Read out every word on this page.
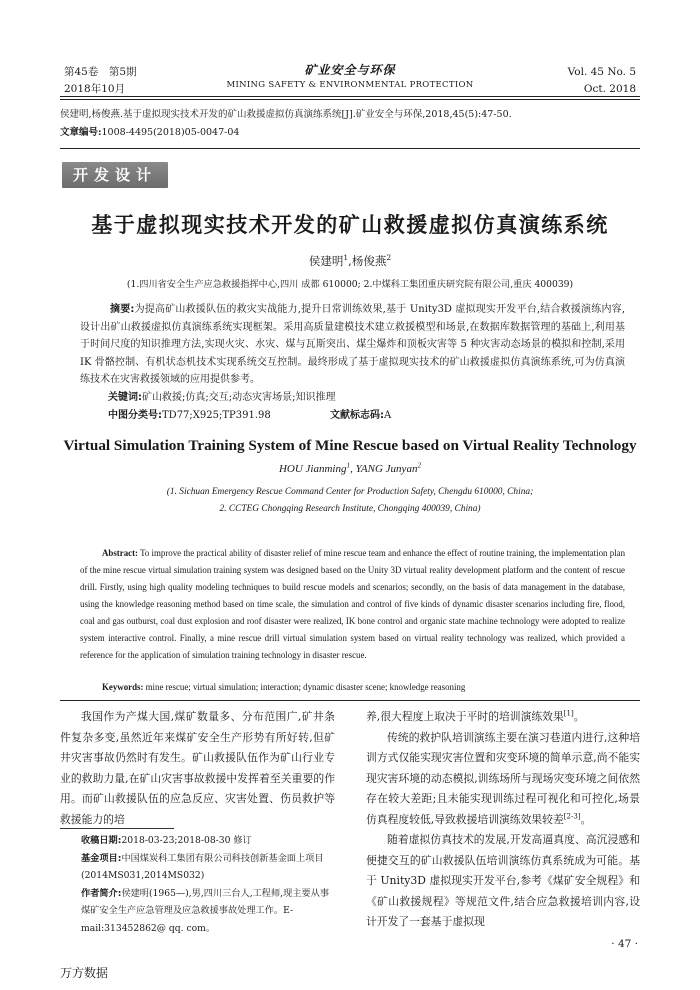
第45卷　第5期
2018年10月
矿业安全与环保
MINING SAFETY & ENVIRONMENTAL PROTECTION
Vol. 45 No. 5
Oct. 2018
侯建明,杨俊燕.基于虚拟现实技术开发的矿山救援虚拟仿真演练系统[J].矿业安全与环保,2018,45(5):47-50.
文章编号:1008-4495(2018)05-0047-04
开发设计
基于虚拟现实技术开发的矿山救援虚拟仿真演练系统
侯建明$^1$,杨俊燕$^2$
(1.四川省安全生产应急救援指挥中心,四川 成都 610000; 2.中煤科工集团重庆研究院有限公司,重庆 400039)
摘要:为提高矿山救援队伍的救灾实战能力,提升日常训练效果,基于 Unity3D 虚拟现实开发平台,结合救援演练内容,设计出矿山救援虚拟仿真演练系统实现框架。采用高质量建模技术建立救援模型和场景,在数据库数据管理的基础上,利用基于时间尺度的知识推理方法,实现火灾、水灾、煤与瓦斯突出、煤尘爆炸和顶板灾害等 5 种灾害动态场景的模拟和控制,采用 IK 骨骼控制、有机状态机技术实现系统交互控制。最终形成了基于虚拟现实技术的矿山救援虚拟仿真演练系统,可为仿真演练技术在灾害救援领域的应用提供参考。
关键词:矿山救援;仿真;交互;动态灾害场景;知识推理
中图分类号:TD77;X925;TP391.98	文献标志码:A
Virtual Simulation Training System of Mine Rescue based on Virtual Reality Technology
HOU Jianming$^1$, YANG Junyan$^2$
(1. Sichuan Emergency Rescue Command Center for Production Safety, Chengdu 610000, China;
2. CCTEG Chongqing Research Institute, Chongqing 400039, China)
Abstract: To improve the practical ability of disaster relief of mine rescue team and enhance the effect of routine training, the implementation plan of the mine rescue virtual simulation training system was designed based on the Unity 3D virtual reality development platform and the content of rescue drill. Firstly, using high quality modeling techniques to build rescue models and scenarios; secondly, on the basis of data management in the database, using the knowledge reasoning method based on time scale, the simulation and control of five kinds of dynamic disaster scenarios including fire, flood, coal and gas outburst, coal dust explosion and roof disaster were realized, IK bone control and organic state machine technology were adopted to realize system interactive control. Finally, a mine rescue drill virtual simulation system based on virtual reality technology was realized, which provided a reference for the application of simulation training technology in disaster rescue.
Keywords: mine rescue; virtual simulation; interaction; dynamic disaster scene; knowledge reasoning
我国作为产煤大国,煤矿数量多、分布范围广,矿井条件复杂多变,虽然近年来煤矿安全生产形势有所好转,但矿井灾害事故仍然时有发生。矿山救援队伍作为矿山行业专业的救助力量,在矿山灾害事故救援中发挥着至关重要的作用。而矿山救援队伍的应急反应、灾害处置、伤员救护等救援能力的培

养,很大程度上取决于平时的培训演练效果[1]。

传统的救护队培训演练主要在演习巷道内进行,这种培训方式仅能实现灾害位置和灾变环境的简单示意,尚不能实现灾害环境的动态模拟,训练场所与现场灾变环境之间依然存在较大差距;且未能实现训练过程可视化和可控化,场景仿真程度较低,导致救援培训演练效果较差[2-3]。

随着虚拟仿真技术的发展,开发高逼真度、高沉浸感和便捷交互的矿山救援队伍培训演练仿真系统成为可能。基于 Unity3D 虚拟现实开发平台,参考《煤矿安全规程》和《矿山救援规程》等规范文件,结合应急救援培训内容,设计开发了一套基于虚拟现

收稿日期:2018-03-23;2018-08-30 修订

基金项目:中国煤炭科工集团有限公司科技创新基金面上项目(2014MS031,2014MS032)

作者简介:侯建明(1965—),男,四川三台人,工程师,现主要从事煤矿安全生产应急管理及应急救援事故处理工作。E-mail:313452862@ qq. com。

· 47 ·
万方数据
